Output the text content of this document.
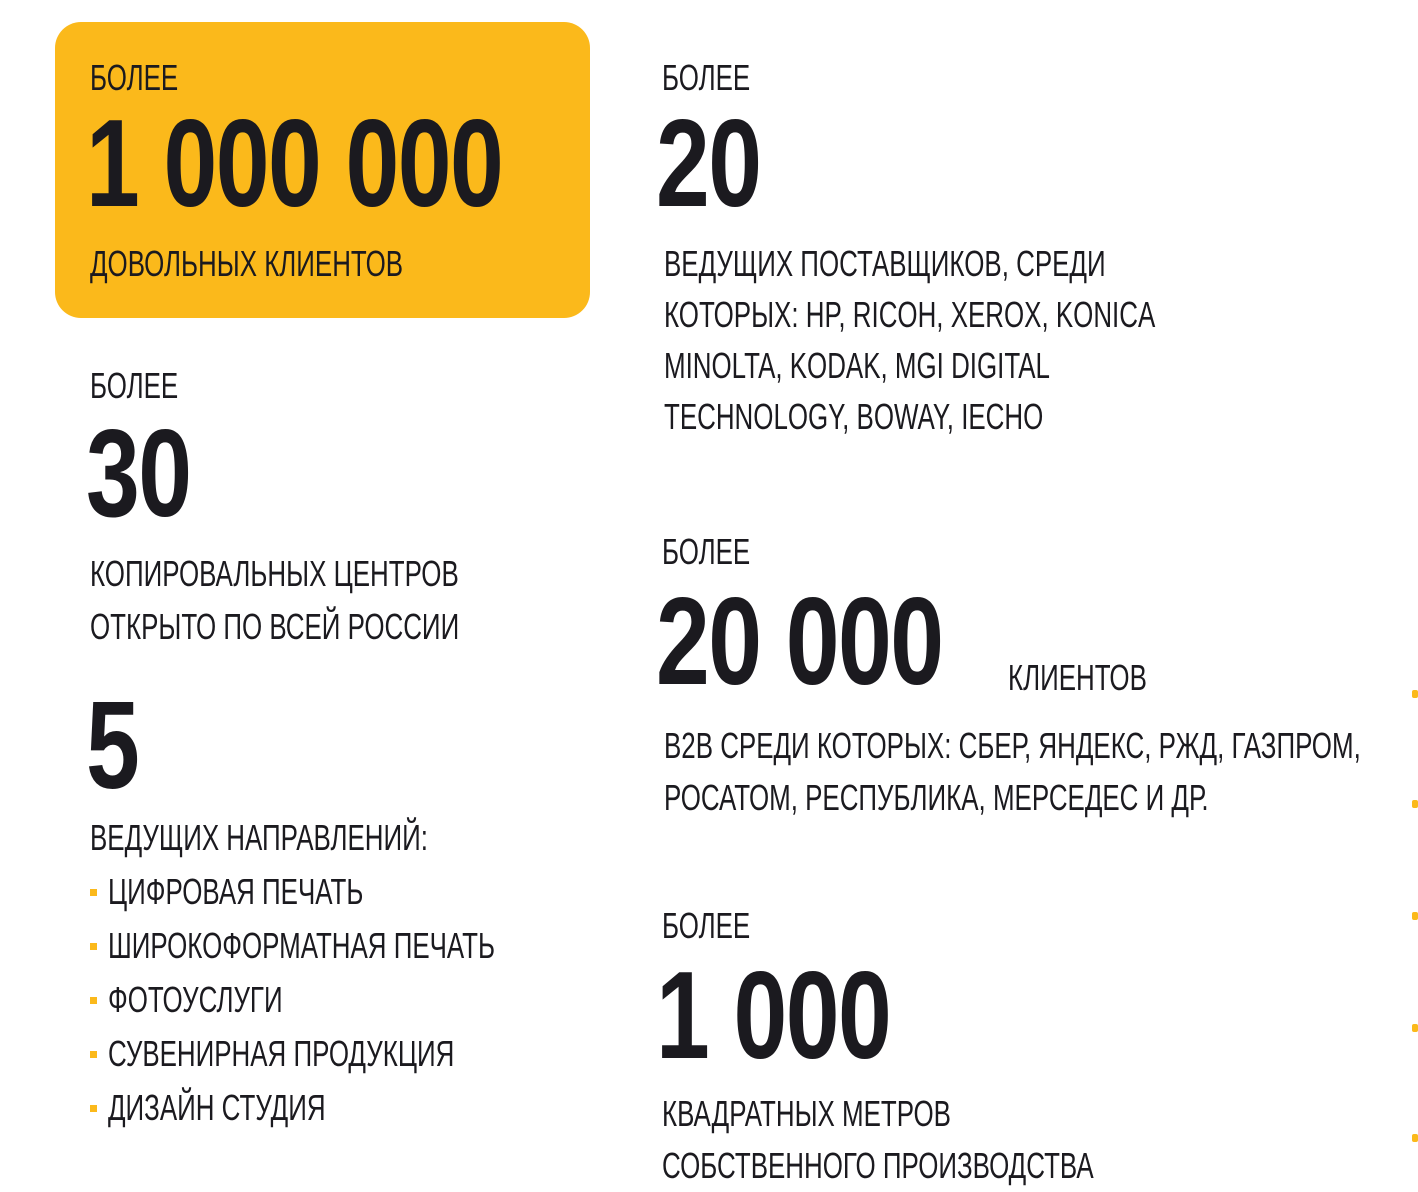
БОЛЕЕ
1 000 000
ДОВОЛЬНЫХ КЛИЕНТОВ
БОЛЕЕ
20
ВЕДУЩИХ ПОСТАВЩИКОВ, СРЕДИ
КОТОРЫХ: HP, RICOH, XEROX, KONICA
MINOLTA, KODAK, MGI DIGITAL
TECHNOLOGY, BOWAY, IECHO
БОЛЕЕ
30
КОПИРОВАЛЬНЫХ ЦЕНТРОВ
ОТКРЫТО ПО ВСЕЙ РОССИИ
БОЛЕЕ
20 000	КЛИЕНТОВ
B2B СРЕДИ КОТОРЫХ: СБЕР, ЯНДЕКС, РЖД, ГАЗПРОМ,
РОСАТОМ, РЕСПУБЛИКА, МЕРСЕДЕС И ДР.
5
ВЕДУЩИХ НАПРАВЛЕНИЙ:
ЦИФРОВАЯ ПЕЧАТЬ
ШИРОКОФОРМАТНАЯ ПЕЧАТЬ
ФОТОУСЛУГИ
СУВЕНИРНАЯ ПРОДУКЦИЯ
ДИЗАЙН СТУДИЯ
БОЛЕЕ
1 000
КВАДРАТНЫХ МЕТРОВ
СОБСТВЕННОГО ПРОИЗВОДСТВА
